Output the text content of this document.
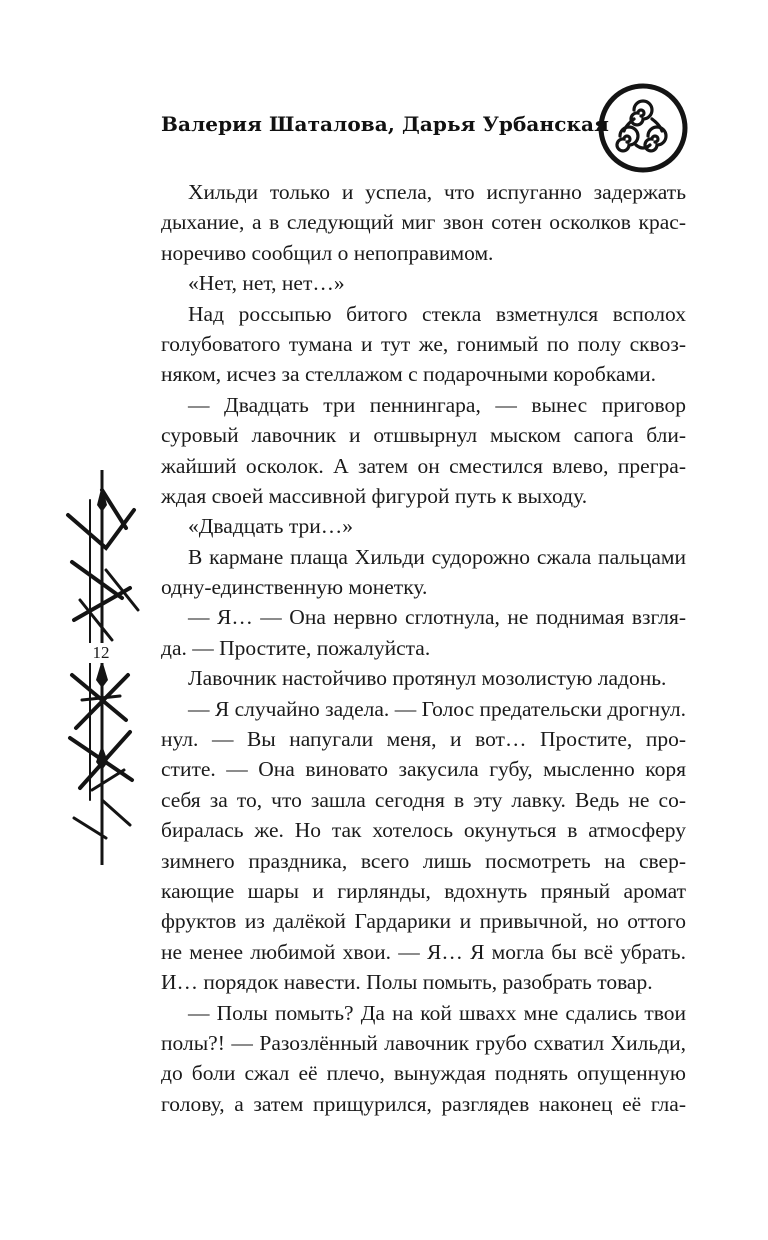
Валерия Шаталова, Дарья Урбанская
Хильди только и успела, что испуганно задержать
дыхание, а в следующий миг звон сотен осколков крас-
норечиво сообщил о непоправимом.
«Нет, нет, нет…»
Над россыпью битого стекла взметнулся всполох
голубоватого тумана и тут же, гонимый по полу сквоз-
няком, исчез за стеллажом с подарочными коробками.
— Двадцать три пеннингара, — вынес приговор
суровый лавочник и отшвырнул мыском сапога бли-
жайший осколок. А затем он сместился влево, прегра-
ждая своей массивной фигурой путь к выходу.
«Двадцать три…»
В кармане плаща Хильди судорожно сжала пальцами
одну-единственную монетку.
— Я… — Она нервно сглотнула, не поднимая взгля-
да. — Простите, пожалуйста.
Лавочник настойчиво протянул мозолистую ладонь.
— Я случайно задела. — Голос предательски дрогнул.
нул. — Вы напугали меня, и вот… Простите, про-
стите. — Она виновато закусила губу, мысленно коря
себя за то, что зашла сегодня в эту лавку. Ведь не со-
биралась же. Но так хотелось окунуться в атмосферу
зимнего праздника, всего лишь посмотреть на свер-
кающие шары и гирлянды, вдохнуть пряный аромат
фруктов из далёкой Гардарики и привычной, но оттого
не менее любимой хвои. — Я… Я могла бы всё убрать.
И… порядок навести. Полы помыть, разобрать товар.
— Полы помыть? Да на кой швахх мне сдались твои
полы?! — Разозлённый лавочник грубо схватил Хильди,
до боли сжал её плечо, вынуждая поднять опущенную
голову, а затем прищурился, разглядев наконец её гла-
12
